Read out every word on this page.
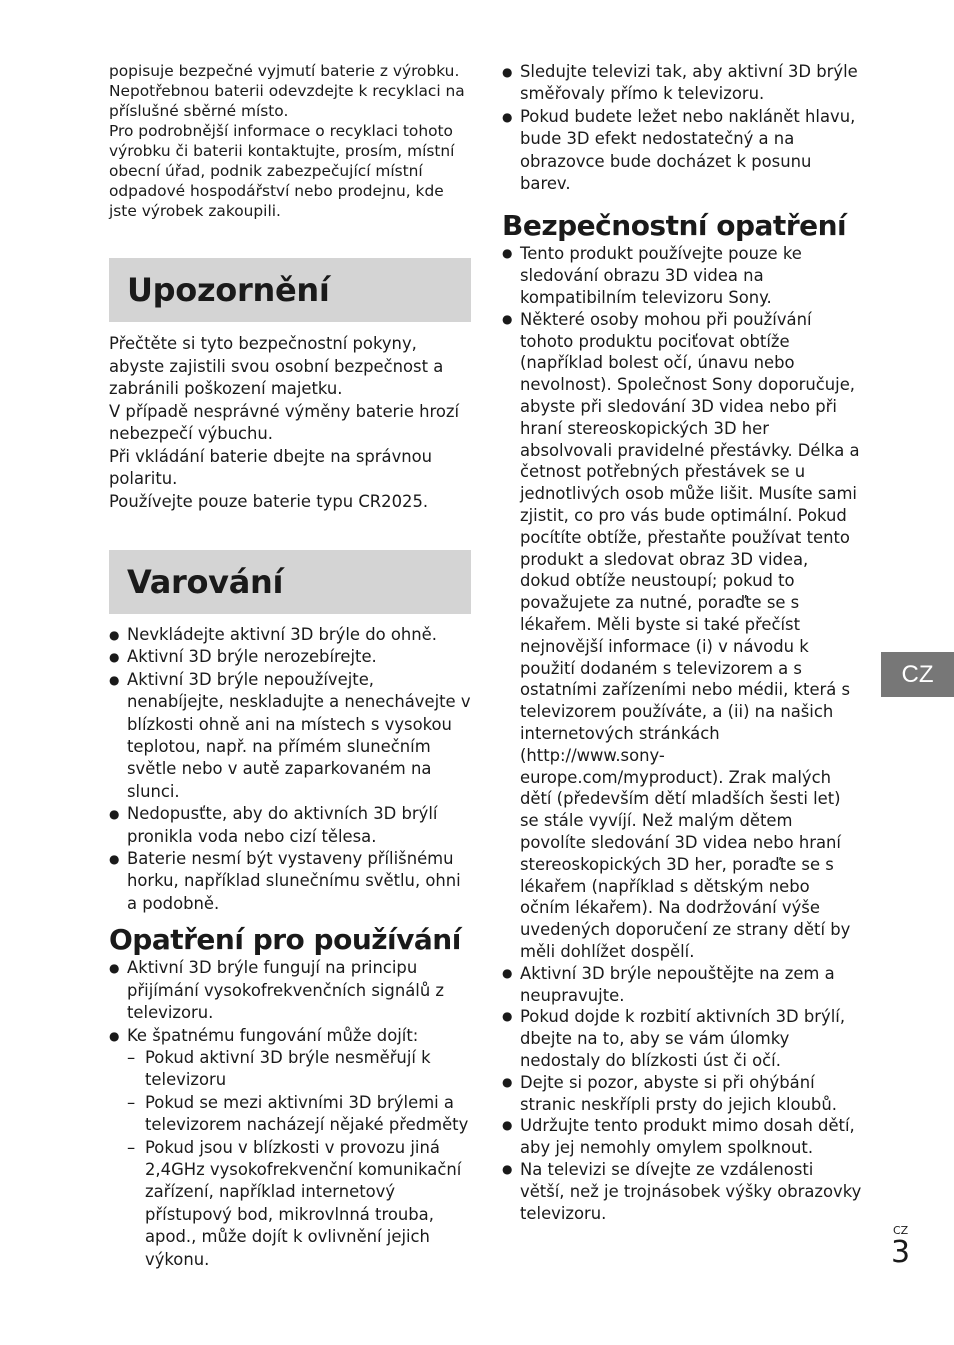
popisuje bezpečné vyjmutí baterie z výrobku. Nepotřebnou baterii odevzdejte k recyklaci na příslušné sběrné místo.

Pro podrobnější informace o recyklaci tohoto výrobku či baterii kontaktujte, prosím, místní obecní úřad, podnik zabezpečující místní odpadové hospodářství nebo prodejnu, kde jste výrobek zakoupili.

Upozornění

Přečtěte si tyto bezpečnostní pokyny, abyste zajistili svou osobní bezpečnost a zabránili poškození majetku.

V případě nesprávné výměny baterie hrozí nebezpečí výbuchu.

Při vkládání baterie dbejte na správnou polaritu.

Používejte pouze baterie typu CR2025.

Varování
● Nevkládejte aktivní 3D brýle do ohně.
● Aktivní 3D brýle nerozebírejte.
● Aktivní 3D brýle nepoužívejte, nenabíjejte, neskladujte a nenechávejte v blízkosti ohně ani na místech s vysokou teplotou, např. na přímém slunečním světle nebo v autě zaparkovaném na slunci.
● Nedopusťte, aby do aktivních 3D brýlí pronikla voda nebo cizí tělesa.
● Baterie nesmí být vystaveny přílišnému horku, například slunečnímu světlu, ohni a podobně.
Opatření pro používání
● Aktivní 3D brýle fungují na principu přijímání vysokofrekvenčních signálů z televizoru.
● Ke špatnému fungování může dojít:
– Pokud aktivní 3D brýle nesměřují k televizoru
– Pokud se mezi aktivními 3D brýlemi a televizorem nacházejí nějaké předměty
– Pokud jsou v blízkosti v provozu jiná 2,4GHz vysokofrekvenční komunikační zařízení, například internetový přístupový bod, mikrovlnná trouba, apod., může dojít k ovlivnění jejich výkonu.
● Sledujte televizi tak, aby aktivní 3D brýle směřovaly přímo k televizoru.
● Pokud budete ležet nebo naklánět hlavu, bude 3D efekt nedostatečný a na obrazovce bude docházet k posunu barev.
Bezpečnostní opatření
● Tento produkt používejte pouze ke sledování obrazu 3D videa na kompatibilním televizoru Sony.
● Některé osoby mohou při používání tohoto produktu pociťovat obtíže (například bolest očí, únavu nebo nevolnost). Společnost Sony doporučuje, abyste při sledování 3D videa nebo při hraní stereoskopických 3D her absolvovali pravidelné přestávky. Délka a četnost potřebných přestávek se u jednotlivých osob může lišit. Musíte sami zjistit, co pro vás bude optimální. Pokud pocítíte obtíže, přestaňte používat tento produkt a sledovat obraz 3D videa, dokud obtíže neustoupí; pokud to považujete za nutné, poraďte se s lékařem. Měli byste si také přečíst nejnovější informace (i) v návodu k použití dodaném s televizorem a s ostatními zařízeními nebo médii, která s televizorem používáte, a (ii) na našich internetových stránkách (http://www.sony-europe.com/myproduct). Zrak malých dětí (především dětí mladších šesti let) se stále vyvíjí. Než malým dětem povolíte sledování 3D videa nebo hraní stereoskopických 3D her, poraďte se s lékařem (například s dětským nebo očním lékařem). Na dodržování výše uvedených doporučení ze strany dětí by měli dohlížet dospělí.
● Aktivní 3D brýle nepouštějte na zem a neupravujte.
● Pokud dojde k rozbití aktivních 3D brýlí, dbejte na to, aby se vám úlomky nedostaly do blízkosti úst či očí.
● Dejte si pozor, abyste si při ohýbání stranic neskřípli prsty do jejich kloubů.
● Udržujte tento produkt mimo dosah dětí, aby jej nemohly omylem spolknout.
● Na televizi se dívejte ze vzdálenosti větší, než je trojnásobek výšky obrazovky televizoru.
CZ
CZ
3
